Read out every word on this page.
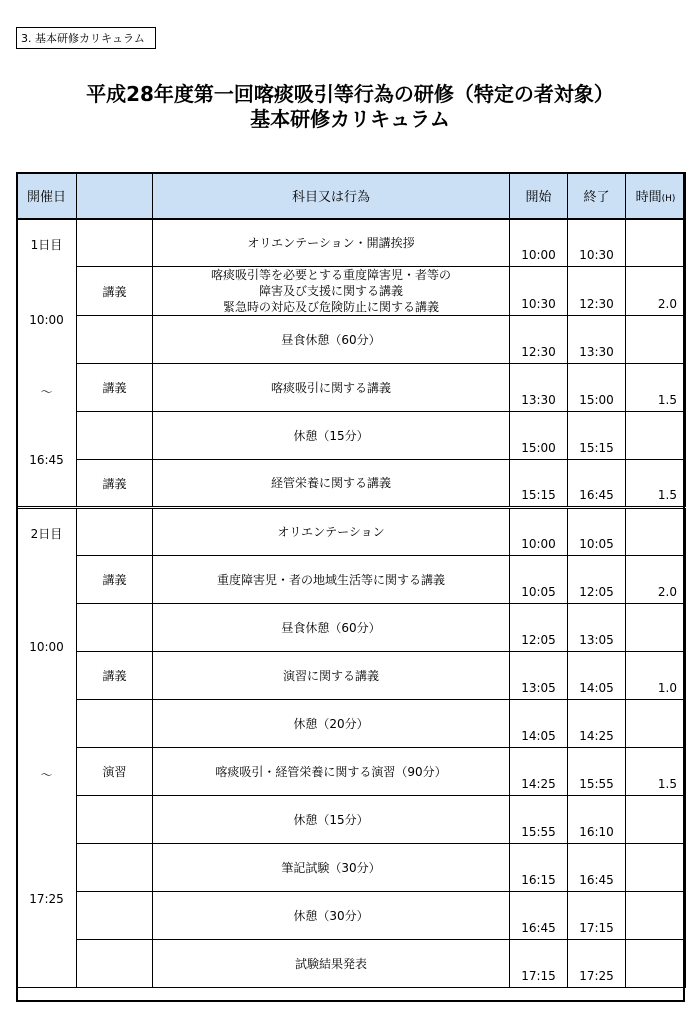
3. 基本研修カリキュラム
平成28年度第一回喀痰吸引等行為の研修（特定の者対象）
基本研修カリキュラム
開催日		科目又は行為	開始	終了	時間(H)

1日目
10:00
〜
16:45		オリエンテーション・開講挨拶	10:00	10:30	
	講義	喀痰吸引等を必要とする重度障害児・者等の
障害及び支援に関する講義
緊急時の対応及び危険防止に関する講義	10:30	12:30	2.0

		昼食休憩（60分）	12:30	13:30	
	講義	喀痰吸引に関する講義	13:30	15:00	1.5

		休憩（15分）	15:00	15:15	
	講義	経管栄養に関する講義	15:15	16:45	1.5

2日目
10:00
〜
17:25		オリエンテーション	10:00	10:05	
	講義	重度障害児・者の地域生活等に関する講義	10:05	12:05	2.0

		昼食休憩（60分）	12:05	13:05	
	講義	演習に関する講義	13:05	14:05	1.0

		休憩（20分）	14:05	14:25	
	演習	喀痰吸引・経管栄養に関する演習（90分）	14:25	15:55	1.5

		休憩（15分）	15:55	16:10	

		筆記試験（30分）	16:15	16:45	

		休憩（30分）	16:45	17:15	

		試験結果発表	17:15	17:25	
